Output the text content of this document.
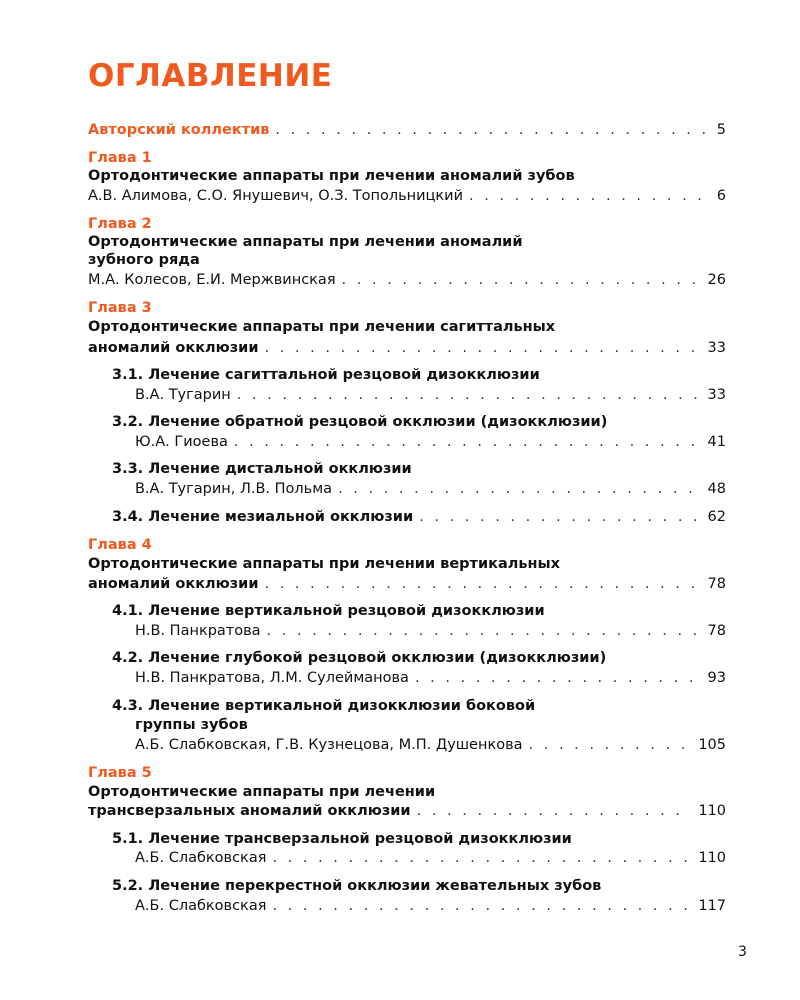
ОГЛАВЛЕНИЕ
Авторский коллектив . . .	5
Глава 1
Ортодонтические аппараты при лечении аномалий зубов
А.В. Алимова, С.О. Янушевич, О.З. Топольницкий . . .	6
Глава 2
Ортодонтические аппараты при лечении аномалий
зубного ряда
М.А. Колесов, Е.И. Мержвинская . . .	26
Глава 3
Ортодонтические аппараты при лечении сагиттальных
аномалий окклюзии . . .	33
3.1. Лечение сагиттальной резцовой дизокклюзии
В.А. Тугарин . . .	33
3.2. Лечение обратной резцовой окклюзии (дизокклюзии)
Ю.А. Гиоева . . .	41
3.3. Лечение дистальной окклюзии
В.А. Тугарин, Л.В. Польма . . .	48
3.4. Лечение мезиальной окклюзии . . .	62
Глава 4
Ортодонтические аппараты при лечении вертикальных
аномалий окклюзии . . .	78
4.1. Лечение вертикальной резцовой дизокклюзии
Н.В. Панкратова . . .	78
4.2. Лечение глубокой резцовой окклюзии (дизокклюзии)
Н.В. Панкратова, Л.М. Сулейманова . . .	93
4.3. Лечение вертикальной дизокклюзии боковой
группы зубов
А.Б. Слабковская, Г.В. Кузнецова, М.П. Душенкова . . .	105
Глава 5
Ортодонтические аппараты при лечении
трансверзальных аномалий окклюзии . . .	110
5.1. Лечение трансверзальной резцовой дизокклюзии
А.Б. Слабковская . . .	110
5.2. Лечение перекрестной окклюзии жевательных зубов
А.Б. Слабковская . . .	117
3
